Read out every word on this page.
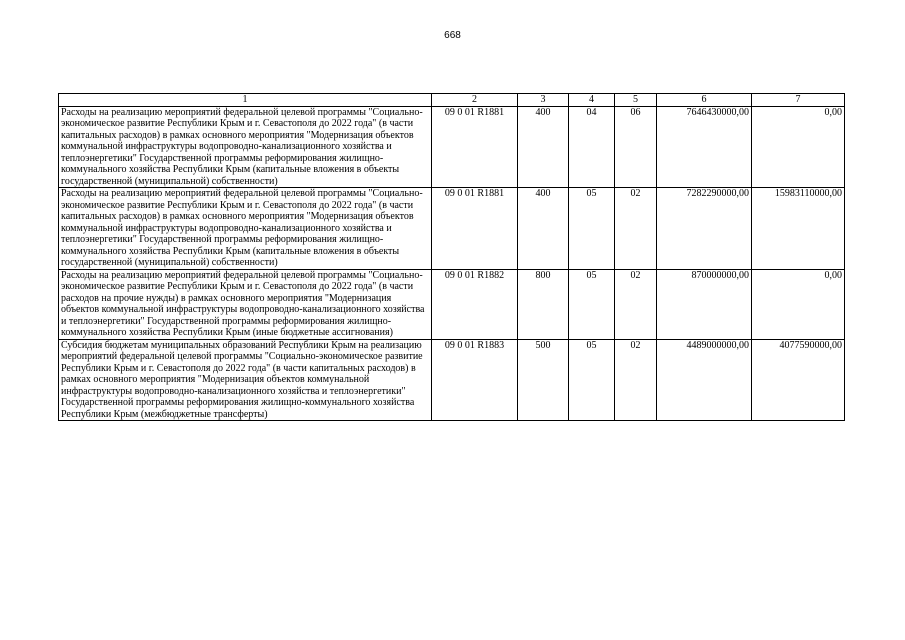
668
1	2	3	4	5	6	7
Расходы на реализацию мероприятий федеральной целевой программы "Социально-экономическое развитие Республики Крым и г. Севастополя до 2022 года" (в части капитальных расходов) в рамках основного мероприятия "Модернизация объектов коммунальной инфраструктуры водопроводно-канализационного хозяйства и теплоэнергетики" Государственной программы реформирования жилищно-коммунального хозяйства Республики Крым (капитальные вложения в объекты государственной (муниципальной) собственности)	09 0 01 R1881	400	04	06	7646430000,00	0,00
Расходы на реализацию мероприятий федеральной целевой программы "Социально-экономическое развитие Республики Крым и г. Севастополя до 2022 года" (в части капитальных расходов) в рамках основного мероприятия "Модернизация объектов коммунальной инфраструктуры водопроводно-канализационного хозяйства и теплоэнергетики" Государственной программы реформирования жилищно-коммунального хозяйства Республики Крым (капитальные вложения в объекты государственной (муниципальной) собственности)	09 0 01 R1881	400	05	02	7282290000,00	15983110000,00
Расходы на реализацию мероприятий федеральной целевой программы "Социально-экономическое развитие Республики Крым и г. Севастополя до 2022 года" (в части расходов на прочие нужды) в рамках основного мероприятия "Модернизация объектов коммунальной инфраструктуры водопроводно-канализационного хозяйства и теплоэнергетики" Государственной программы реформирования жилищно-коммунального хозяйства Республики Крым (иные бюджетные ассигнования)	09 0 01 R1882	800	05	02	870000000,00	0,00
Субсидия бюджетам муниципальных образований Республики Крым на реализацию мероприятий федеральной целевой программы "Социально-экономическое развитие Республики Крым и г. Севастополя до 2022 года" (в части капитальных расходов) в рамках основного мероприятия "Модернизация объектов коммунальной инфраструктуры водопроводно-канализационного хозяйства и теплоэнергетики" Государственной программы реформирования жилищно-коммунального хозяйства Республики Крым (межбюджетные трансферты)	09 0 01 R1883	500	05	02	4489000000,00	4077590000,00
